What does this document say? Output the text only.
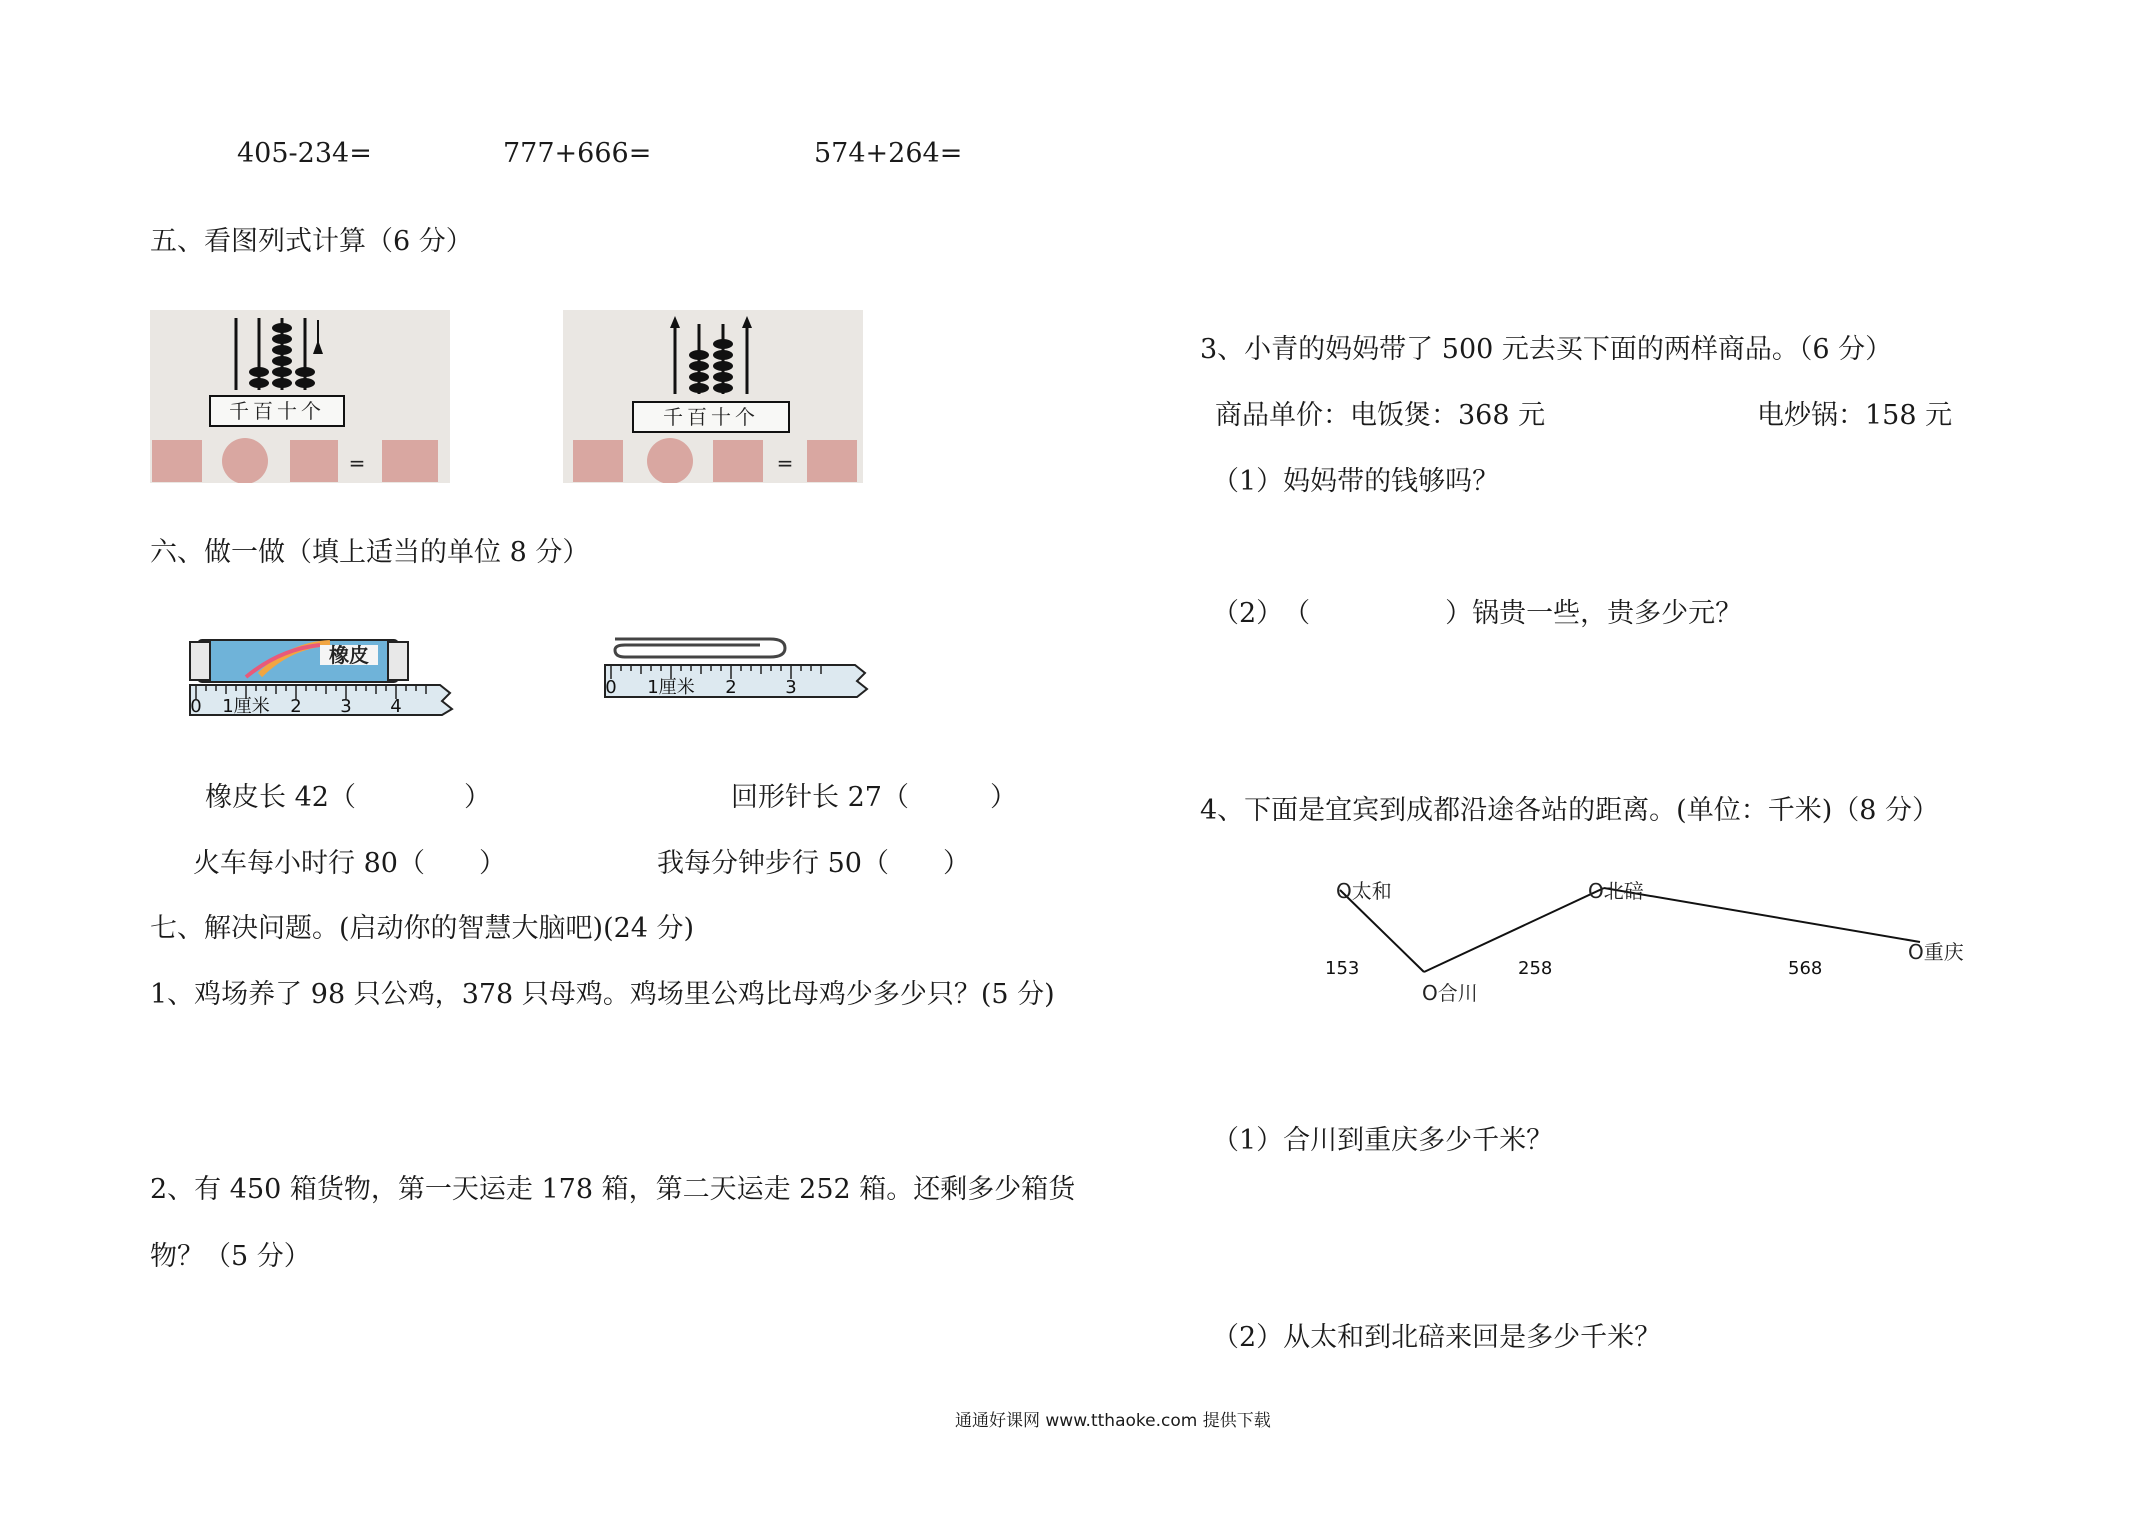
405-234=	777+666=	574+264=
五、看图列式计算（6 分）
千百十个
=
千百十个
=
六、做一做（填上适当的单位 8 分）
橡皮
0 1厘米 2 3 4
0 1厘米 2	3
橡皮长 42（　　　　）	回形针长 27（　　　）
火车每小时行 80（　　）	我每分钟步行 50（　　）
七、解决问题。(启动你的智慧大脑吧)(24 分)
1、鸡场养了 98 只公鸡，378 只母鸡。鸡场里公鸡比母鸡少多少只？(5 分)
2、有 450 箱货物，第一天运走 178 箱，第二天运走 252 箱。还剩多少箱货
物？（5 分）
3、小青的妈妈带了 500 元去买下面的两样商品。（6 分）
商品单价：电饭煲：368 元	电炒锅：158 元
（1）妈妈带的钱够吗？
（2）　（　　　　　）锅贵一些，贵多少元？
4、下面是宜宾到成都沿途各站的距离。(单位：千米)（8 分）
O太和
O合川
O北碚
O重庆
153	258	568
（1）合川到重庆多少千米？
（2）从太和到北碚来回是多少千米？
通通好课网 www.tthaoke.com 提供下载
